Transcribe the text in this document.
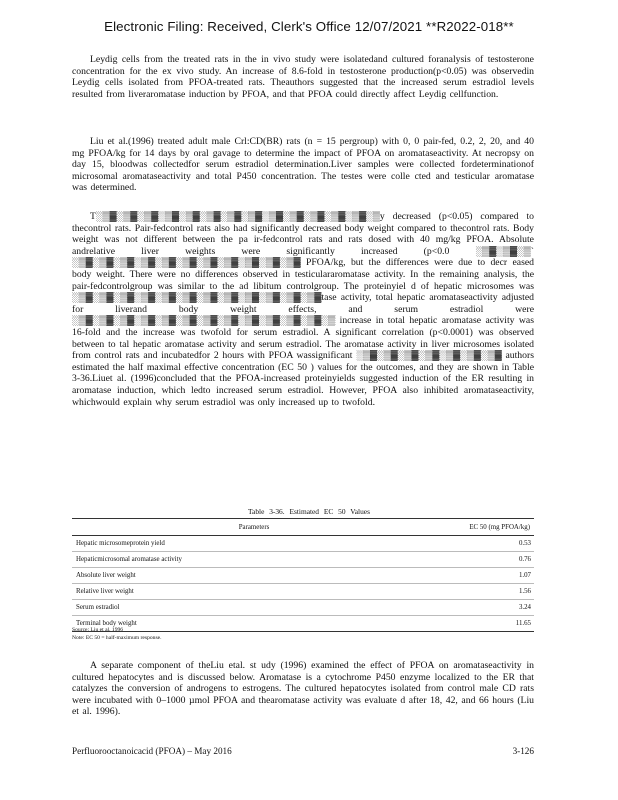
Electronic Filing: Received, Clerk's Office 12/07/2021 **R2022-018**

Leydig cells from the treated rats in the in vivo study were isolatedand cultured foranalysis of testosterone concentration for the ex vivo study. An increase of 8.6-fold in testosterone production(p<0.05) was observedin Leydig cells isolated from PFOA-treated rats. Theauthors suggested that the increased serum estradiol levels resulted from liveraromatase induction by PFOA, and that PFOA could directly affect Leydig cellfunction.

Liu et al.(1996) treated adult male Crl:CD(BR) rats (n = 15 pergroup) with 0, 0 pair-fed, 0.2, 2, 20, and 40 mg PFOA/kg for 14 days by oral gavage to determine the impact of PFOA on aromataseactivity. At necropsy on day 15, bloodwas collectedfor serum estradiol determination.Liver samples were collected fordeterminationof microsomal aromataseactivity and total P450 concentration. The testes were colle cted and testicular aromatase was determined.

T░▒▓░▒▓░▒▓░▒▓░▒▓░▒▓░▒▓░▒▓░▒▓░▒▓░▒▓░▒▓░▒▓░▒y decreased (p<0.05) compared to thecontrol rats. Pair-fedcontrol rats also had significantly decreased body weight compared to thecontrol rats. Body weight was not different between the pa ir-fedcontrol rats and rats dosed with 40 mg/kg PFOA. Absolute andrelative liver weights were significantly increased (p<0.0 ░▒▓░▒▓░▒` ░▒▓░▒▓░▒▓░▒▓░▒▓░▒▓░▒▓░▒▓░▒▓░▒▓░▒▓ PFOA/kg, but the differences were due to decr eased body weight. There were no differences observed in testiculararomatase activity. In the remaining analysis, the pair-fedcontrolgroup was similar to the ad libitum controlgroup. The proteinyiel d of hepatic microsomes was ░▒▓░▒▓░▒▓░▒▓░▒▓░▒▓░▒▓░▒▓░▒▓░▒▓░▒▓░▒▓tase activity, total hepatic aromataseactivity adjusted for liverand body weight effects, and serum estradiol were ░▒▓░▒▓░▒▓░▒▓░▒▓░▒▓░▒▓░▒▓░▒▓░▒▓░▒▓░▒▓░▒ increase in total hepatic aromatase activity was 16-fold and the increase was twofold for serum estradiol. A significant correlation (p<0.0001) was observed between to tal hepatic aromatase activity and serum estradiol. The aromatase activity in liver microsomes isolated from control rats and incubatedfor 2 hours with PFOA wassignificant ░▒▓░▒▓░▒▓░▒▓░▒▓░▒▓░▒▓ authors estimated the half maximal effective concentration (EC 50 ) values for the outcomes, and they are shown in Table 3-36.Liuet al. (1996)concluded that the PFOA-increased proteinyields suggested induction of the ER resulting in aromatase induction, which ledto increased serum estradiol. However, PFOA also inhibited aromataseactivity, whichwould explain why serum estradiol was only increased up to twofold.

Table 3-36. Estimated EC 50 Values
Parameters	EC 50 (mg PFOA/kg)
Hepatic microsomeprotein yield	0.53
Hepaticmicrosomal aromatase activity	0.76
Absolute liver weight	1.07
Relative liver weight	1.56
Serum estradiol	3.24
Terminal body weight	11.65
Source: Liu et al. 1996
Note: EC 50 = half-maximum response.

A separate component of theLiu etal. st udy (1996) examined the effect of PFOA on aromataseactivity in cultured hepatocytes and is discussed below. Aromatase is a cytochrome P450 enzyme localized to the ER that catalyzes the conversion of androgens to estrogens. The cultured hepatocytes isolated from control male CD rats were incubated with 0–1000 µmol PFOA and thearomatase activity was evaluate d after 18, 42, and 66 hours (Liu et al. 1996).

Perfluorooctanoicacid (PFOA) – May 2016	3-126
